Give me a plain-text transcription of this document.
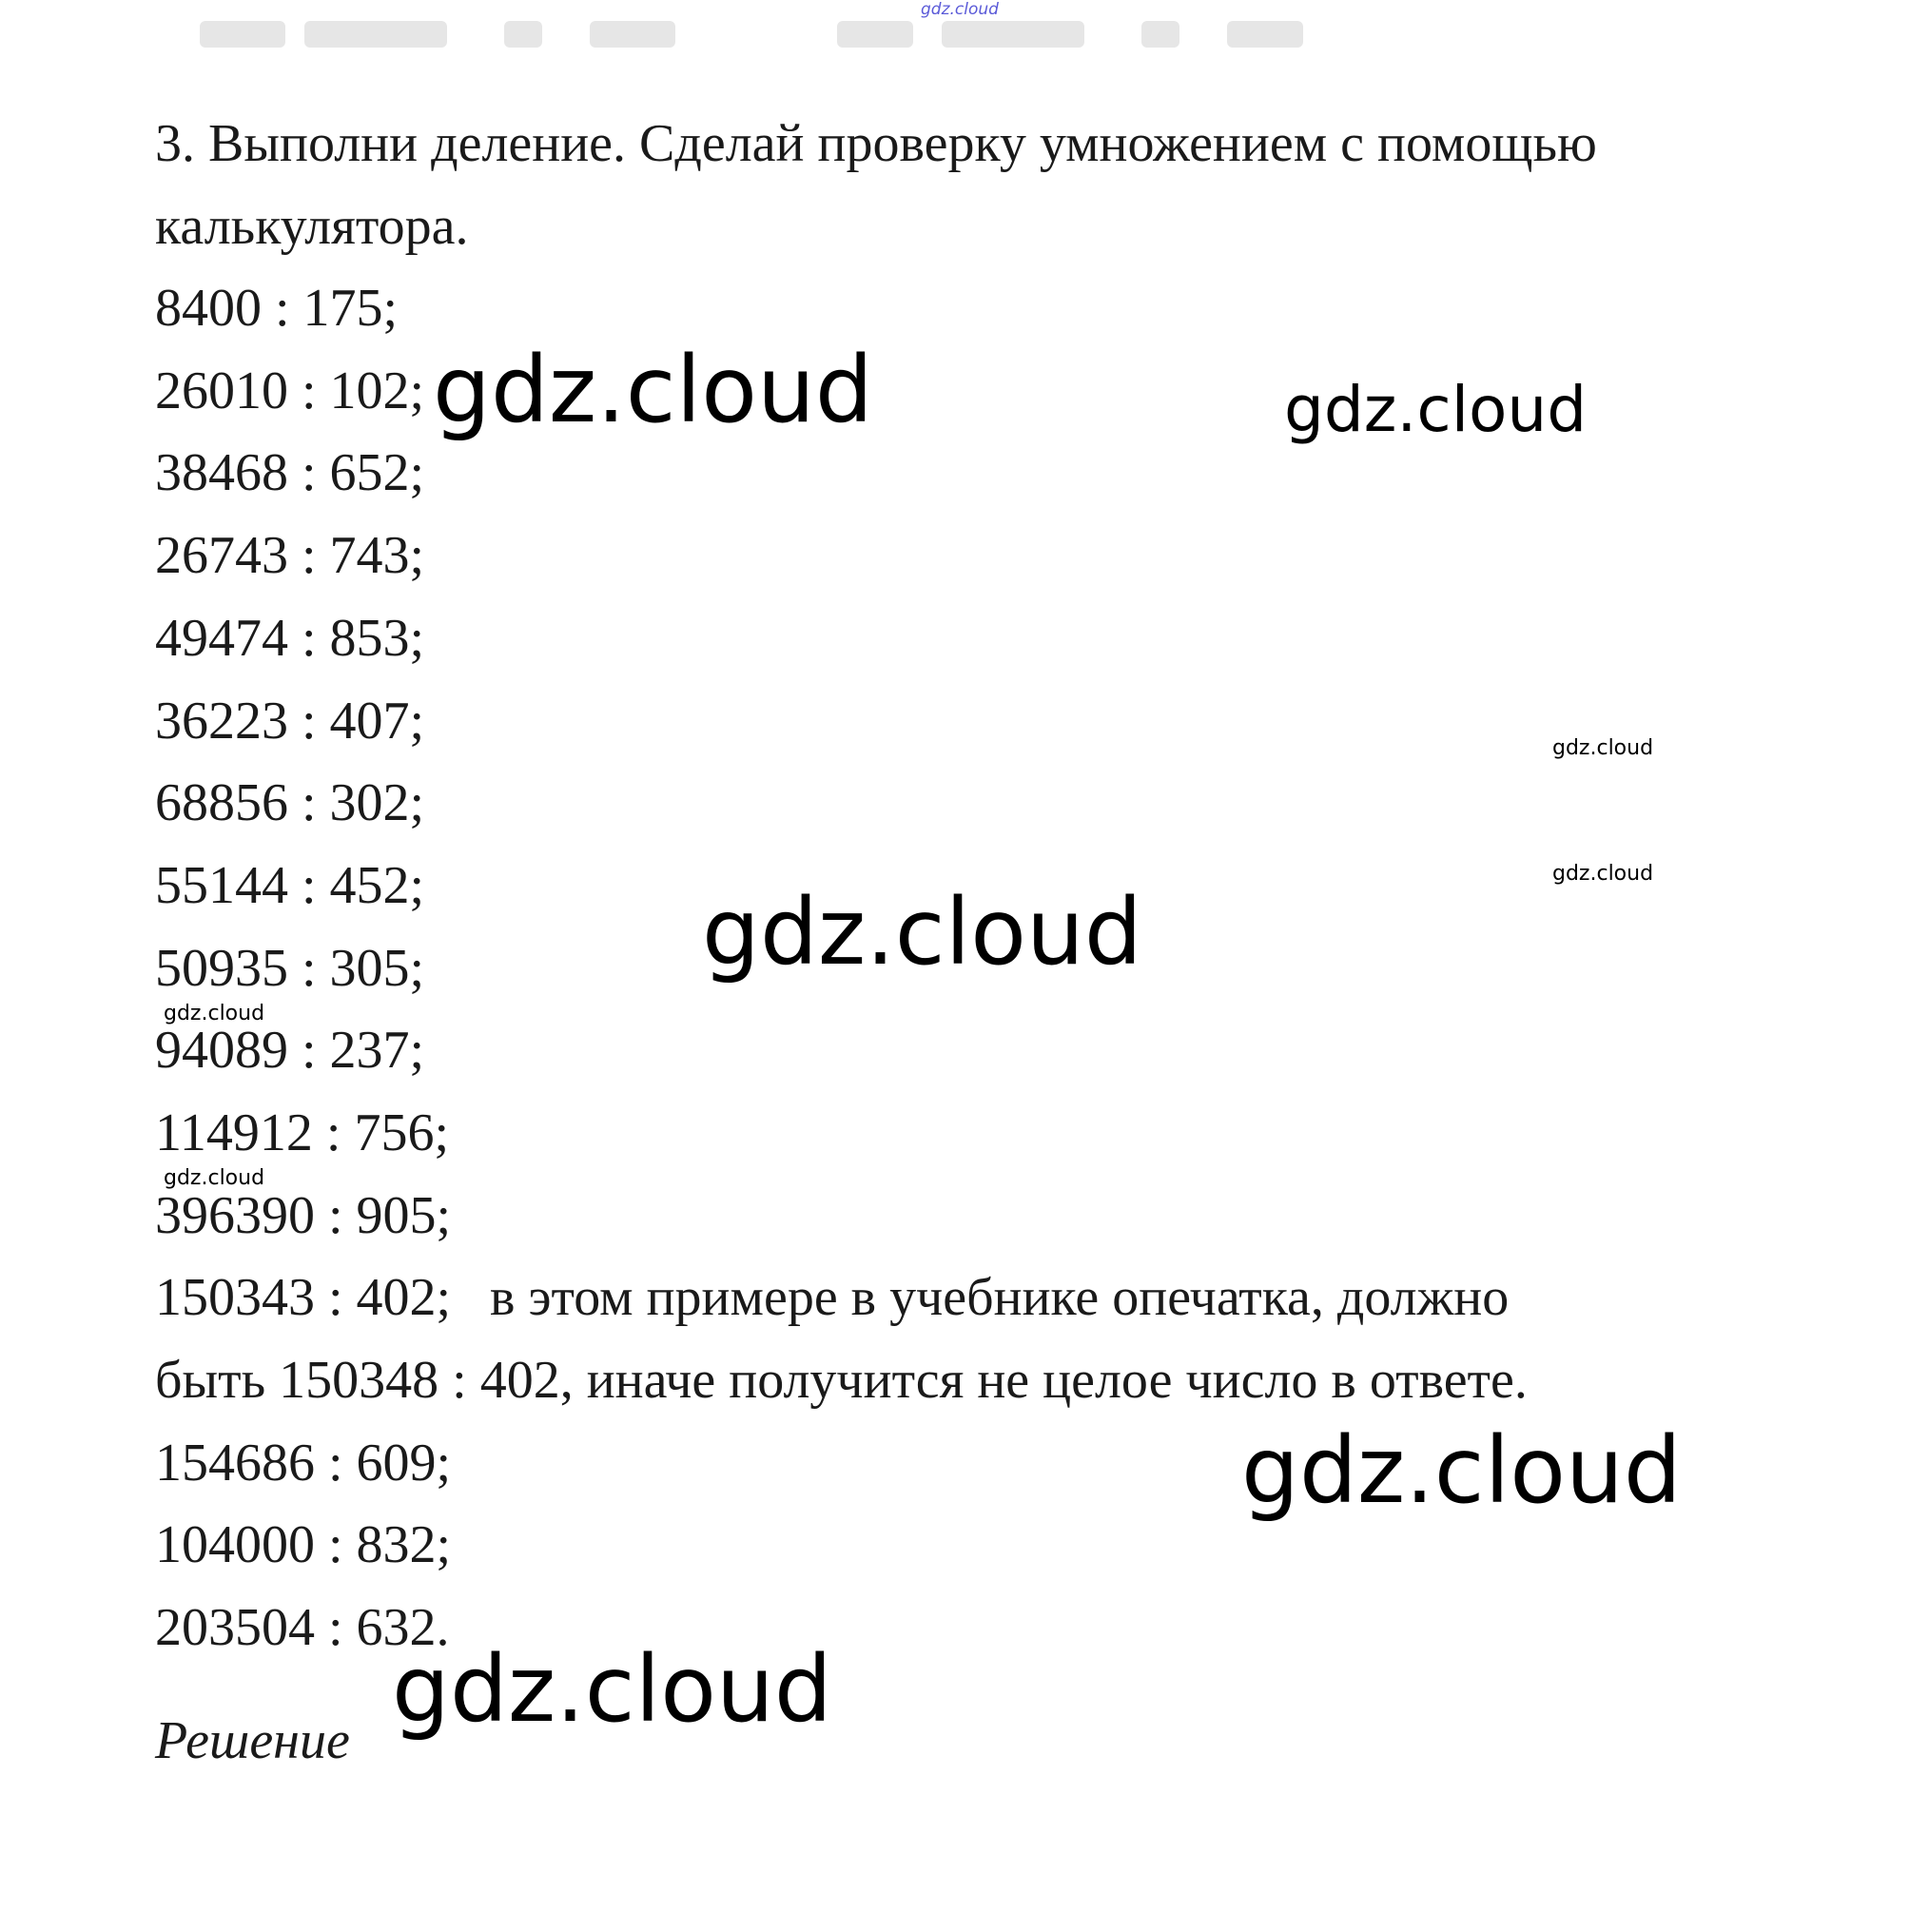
gdz.cloud
3. Выполни деление. Сделай проверку умножением с помощью
калькулятора.
8400 : 175;
26010 : 102;
38468 : 652;
26743 : 743;
49474 : 853;
36223 : 407;
68856 : 302;
55144 : 452;
50935 : 305;
94089 : 237;
114912 : 756;
396390 : 905;
150343 : 402; в этом примере в учебнике опечатка, должно
быть 150348 : 402, иначе получится не целое число в ответе.
154686 : 609;
104000 : 832;
203504 : 632.
Решение
gdz.cloud	gdz.cloud
gdz.cloud
gdz.cloud
gdz.cloud
gdz.cloud
gdz.cloud
gdz.cloud
gdz.cloud
